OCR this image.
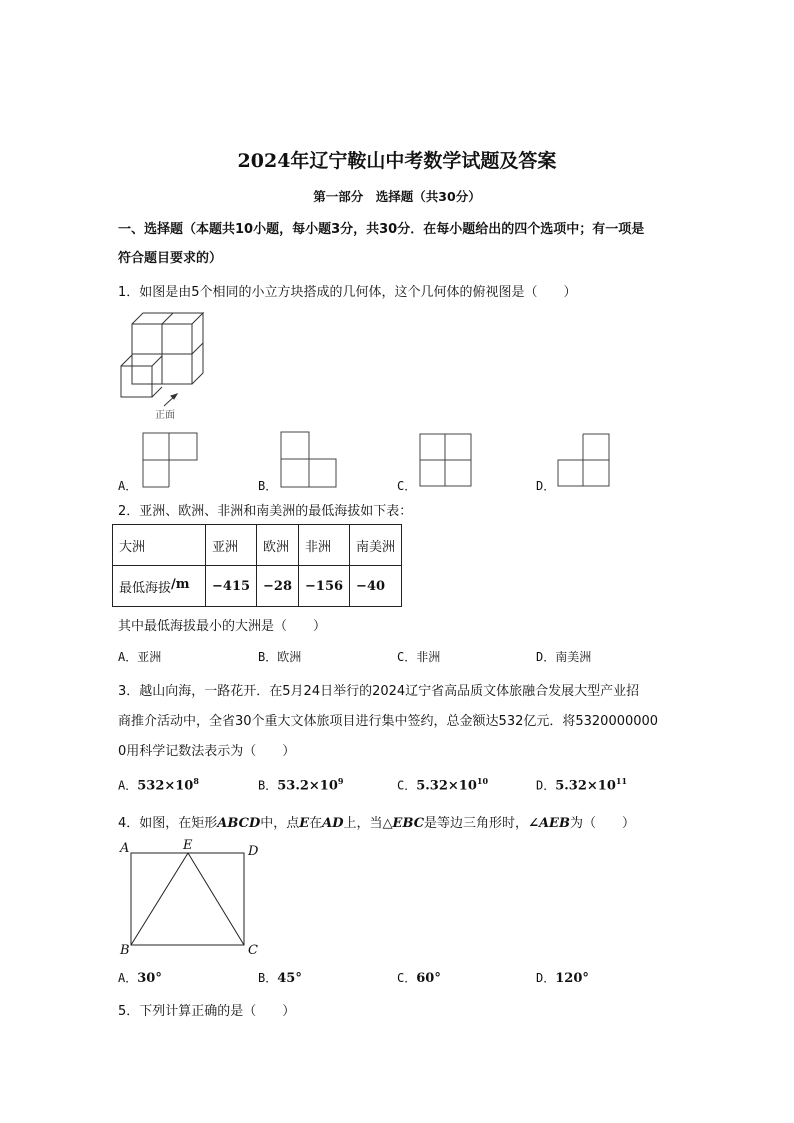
2024年辽宁鞍山中考数学试题及答案
第一部分　选择题（共30分）
一、选择题（本题共10小题，每小题3分，共30分．在每小题给出的四个选项中；有一项是
符合题目要求的）
1．如图是由5个相同的小立方块搭成的几何体，这个几何体的俯视图是（　　）
正面
A．	B．	C．	D．
2．亚洲、欧洲、非洲和南美洲的最低海拔如下表：
大洲	亚洲	欧洲	非洲	南美洲
最低海拔/m	−415	−28	−156	−40
其中最低海拔最小的大洲是（　　）
A．亚洲	B．欧洲	C．非洲	D．南美洲
3．越山向海，一路花开．在5月24日举行的2024辽宁省高品质文体旅融合发展大型产业招
商推介活动中，全省30个重大文体旅项目进行集中签约，总金额达532亿元．将5320000000
0用科学记数法表示为（　　）
A．$532\times 10^8$	B．$53.2\times 10^9$	C．$5.32\times 10^{10}$	D．$5.32\times 10^{11}$
4．如图，在矩形ABCD中，点E在AD上，当△EBC是等边三角形时，∠AEB为（　　）
A	E	D
B	C
A．30°	B．45°	C．60°	D．120°
5．下列计算正确的是（　　）
